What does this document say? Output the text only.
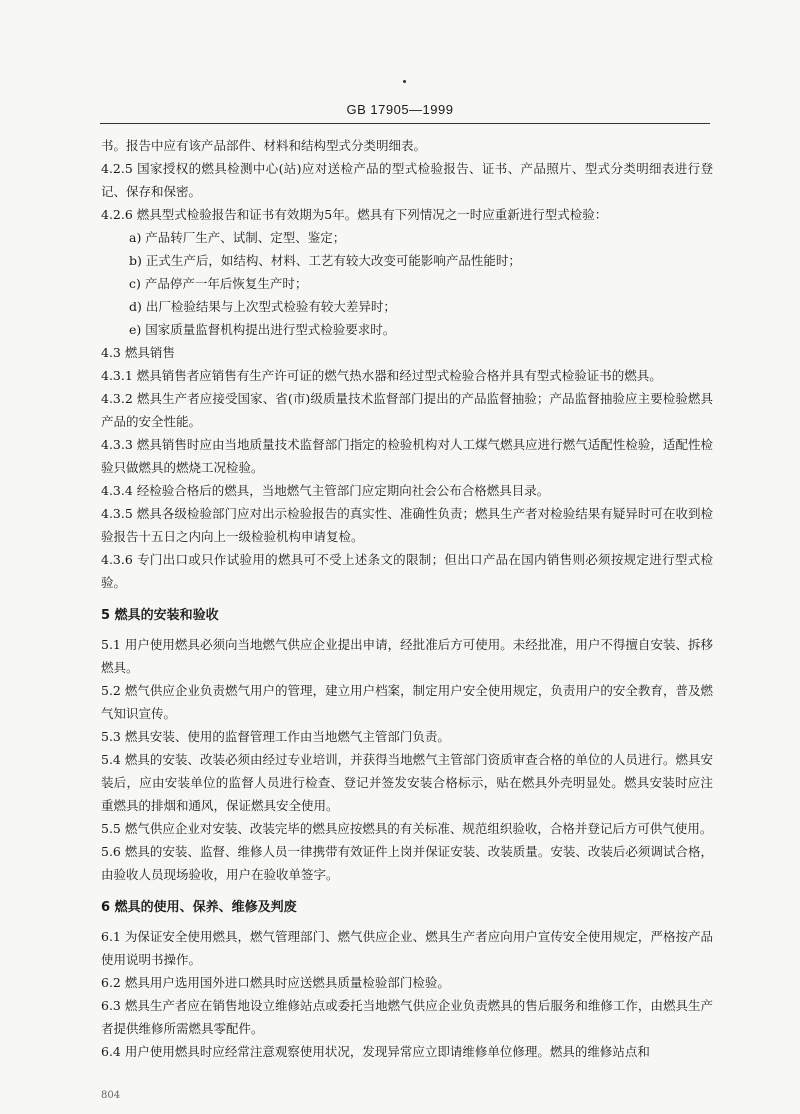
GB 17905—1999

书。报告中应有该产品部件、材料和结构型式分类明细表。

4.2.5 国家授权的燃具检测中心(站)应对送检产品的型式检验报告、证书、产品照片、型式分类明细表进行登记、保存和保密。

4.2.6 燃具型式检验报告和证书有效期为5年。燃具有下列情况之一时应重新进行型式检验：

a) 产品转厂生产、试制、定型、鉴定；

b) 正式生产后，如结构、材料、工艺有较大改变可能影响产品性能时；

c) 产品停产一年后恢复生产时；

d) 出厂检验结果与上次型式检验有较大差异时；

e) 国家质量监督机构提出进行型式检验要求时。

4.3 燃具销售

4.3.1 燃具销售者应销售有生产许可证的燃气热水器和经过型式检验合格并具有型式检验证书的燃具。

4.3.2 燃具生产者应接受国家、省(市)级质量技术监督部门提出的产品监督抽验；产品监督抽验应主要检验燃具产品的安全性能。

4.3.3 燃具销售时应由当地质量技术监督部门指定的检验机构对人工煤气燃具应进行燃气适配性检验，适配性检验只做燃具的燃烧工况检验。

4.3.4 经检验合格后的燃具，当地燃气主管部门应定期向社会公布合格燃具目录。

4.3.5 燃具各级检验部门应对出示检验报告的真实性、准确性负责；燃具生产者对检验结果有疑异时可在收到检验报告十五日之内向上一级检验机构申请复检。

4.3.6 专门出口或只作试验用的燃具可不受上述条文的限制；但出口产品在国内销售则必须按规定进行型式检验。

5 燃具的安装和验收

5.1 用户使用燃具必须向当地燃气供应企业提出申请，经批准后方可使用。未经批准，用户不得擅自安装、拆移燃具。

5.2 燃气供应企业负责燃气用户的管理，建立用户档案，制定用户安全使用规定，负责用户的安全教育，普及燃气知识宣传。

5.3 燃具安装、使用的监督管理工作由当地燃气主管部门负责。

5.4 燃具的安装、改装必须由经过专业培训，并获得当地燃气主管部门资质审查合格的单位的人员进行。燃具安装后，应由安装单位的监督人员进行检查、登记并签发安装合格标示，贴在燃具外壳明显处。燃具安装时应注重燃具的排烟和通风，保证燃具安全使用。

5.5 燃气供应企业对安装、改装完毕的燃具应按燃具的有关标准、规范组织验收，合格并登记后方可供气使用。

5.6 燃具的安装、监督、维修人员一律携带有效证件上岗并保证安装、改装质量。安装、改装后必须调试合格，由验收人员现场验收，用户在验收单签字。

6 燃具的使用、保养、维修及判废

6.1 为保证安全使用燃具，燃气管理部门、燃气供应企业、燃具生产者应向用户宣传安全使用规定，严格按产品使用说明书操作。

6.2 燃具用户选用国外进口燃具时应送燃具质量检验部门检验。

6.3 燃具生产者应在销售地设立维修站点或委托当地燃气供应企业负责燃具的售后服务和维修工作，由燃具生产者提供维修所需燃具零配件。

6.4 用户使用燃具时应经常注意观察使用状况，发现异常应立即请维修单位修理。燃具的维修站点和

804
